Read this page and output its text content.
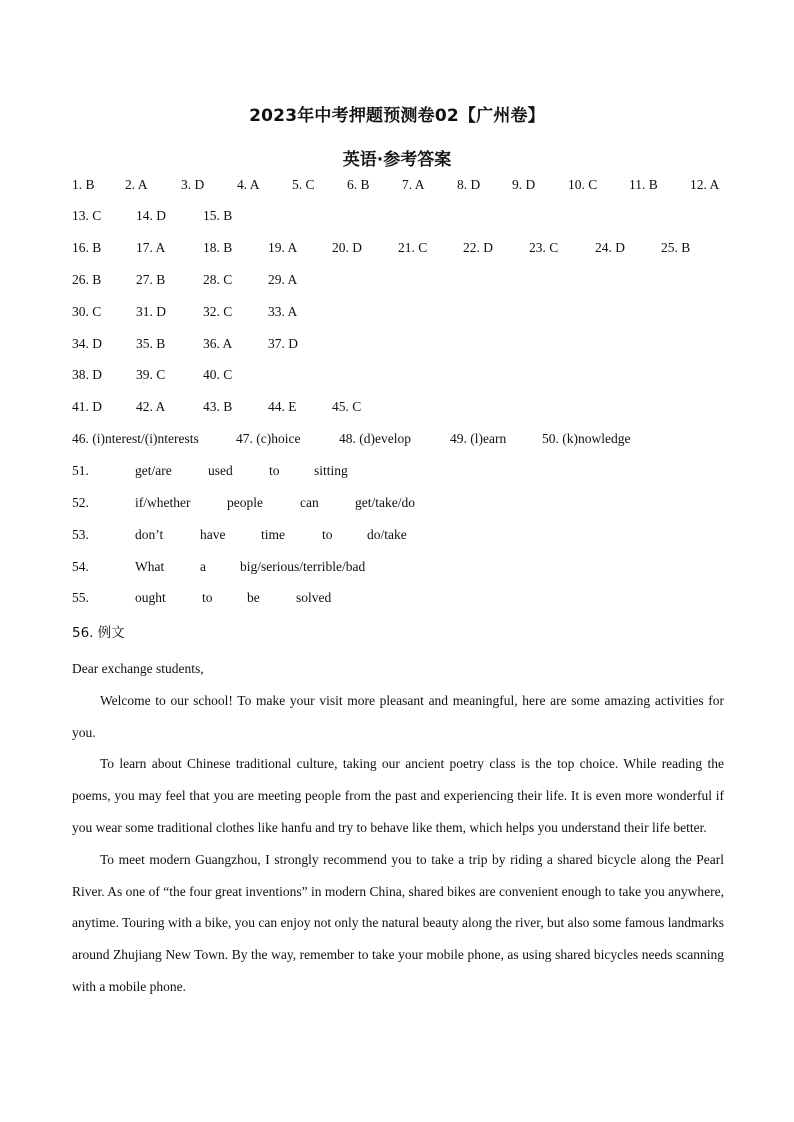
2023年中考押题预测卷02【广州卷】
英语·参考答案
1. B 2. A 3. D 4. A 5. C 6. B 7. A 8. D 9. D 10. C 11. B 12. A
13. C	14. D	15. B
16. B	17. A	18. B	19. A	20. D	21. C	22. D	23. C	24. D	25. B
26. B	27. B	28. C	29. A
30. C	31. D	32. C	33. A
34. D	35. B	36. A	37. D
38. D	39. C	40. C
41. D	42. A	43. B	44. E	45. C
46. (i)nterest/(i)nterests	47. (c)hoice	48. (d)evelop	49. (l)earn	50. (k)nowledge
51.	get/are	used	to	sitting
52.	if/whether	people	can	get/take/do
53.	don’t	have	time	to	do/take
54.	What	a	big/serious/terrible/bad
55.	ought	to	be	solved
56. 例文

Dear exchange students,

Welcome to our school! To make your visit more pleasant and meaningful, here are some amazing activities for you.

To learn about Chinese traditional culture, taking our ancient poetry class is the top choice. While reading the poems, you may feel that you are meeting people from the past and experiencing their life. It is even more wonderful if you wear some traditional clothes like hanfu and try to behave like them, which helps you understand their life better.

To meet modern Guangzhou, I strongly recommend you to take a trip by riding a shared bicycle along the Pearl River. As one of “the four great inventions” in modern China, shared bikes are convenient enough to take you anywhere, anytime. Touring with a bike, you can enjoy not only the natural beauty along the river, but also some famous landmarks around Zhujiang New Town. By the way, remember to take your mobile phone, as using shared bicycles needs scanning with a mobile phone.
